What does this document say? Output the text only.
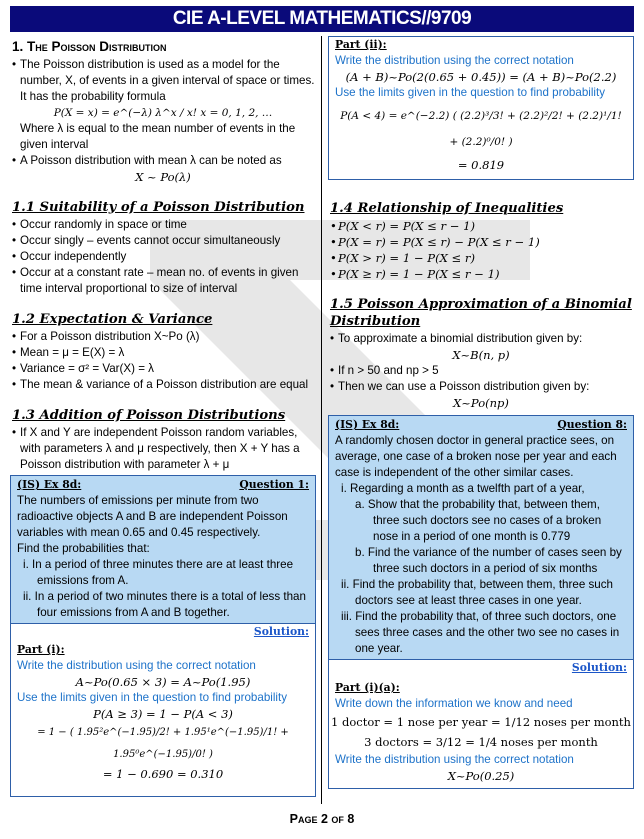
CIE A-LEVEL MATHEMATICS//9709
1. The Poisson Distribution

• The Poisson distribution is used as a model for the number, X, of events in a given interval of space or times. It has the probability formula

P(X = x) = e^(−λ) λ^x / x! x = 0, 1, 2, …
Where λ is equal to the mean number of events in the given interval

• A Poisson distribution with mean λ can be noted as

X ~ Po(λ)
1.1 Suitability of a Poisson Distribution

• Occur randomly in space or time

• Occur singly – events cannot occur simultaneously

• Occur independently

• Occur at a constant rate – mean no. of events in given time interval proportional to size of interval

1.2 Expectation & Variance

• For a Poisson distribution X~Po (λ)

• Mean = μ = E(X) = λ

• Variance = σ² = Var(X) = λ

• The mean & variance of a Poisson distribution are equal

1.3 Addition of Poisson Distributions

• If X and Y are independent Poisson random variables, with parameters λ and μ respectively, then X + Y has a Poisson distribution with parameter λ + μ

(IS) Ex 8d:	Question 1:
The numbers of emissions per minute from two radioactive objects A and B are independent Poisson variables with mean 0.65 and 0.45 respectively.
Find the probabilities that:
i. In a period of three minutes there are at least three emissions from A.
ii. In a period of two minutes there is a total of less than four emissions from A and B together.
Solution:
Part (i):
Write the distribution using the correct notation
A~Po(0.65 × 3) = A~Po(1.95)
Use the limits given in the question to find probability
P(A ≥ 3) = 1 − P(A < 3)
= 1 − ( 1.95²e^(−1.95)/2! + 1.95¹e^(−1.95)/1! + 1.95⁰e^(−1.95)/0! )
= 1 − 0.690 = 0.310
Part (ii):
Write the distribution using the correct notation
(A + B)~Po(2(0.65 + 0.45)) = (A + B)~Po(2.2)
Use the limits given in the question to find probability
P(A < 4) = e^(−2.2) ( (2.2)³/3! + (2.2)²/2! + (2.2)¹/1! + (2.2)⁰/0! )
= 0.819
1.4 Relationship of Inequalities

• P(X < r) = P(X ≤ r − 1)

• P(X = r) = P(X ≤ r) − P(X ≤ r − 1)

• P(X > r) = 1 − P(X ≤ r)

• P(X ≥ r) = 1 − P(X ≤ r − 1)

1.5 Poisson Approximation of a Binomial Distribution

• To approximate a binomial distribution given by:

X~B(n, p)

• If n > 50 and np > 5

• Then we can use a Poisson distribution given by:

X~Po(np)
(IS) Ex 8d:	Question 8:
A randomly chosen doctor in general practice sees, on average, one case of a broken nose per year and each case is independent of the other similar cases.
i. Regarding a month as a twelfth part of a year,
a. Show that the probability that, between them, three such doctors see no cases of a broken nose in a period of one month is 0.779
b. Find the variance of the number of cases seen by three such doctors in a period of six months
ii. Find the probability that, between them, three such doctors see at least three cases in one year.
iii. Find the probability that, of three such doctors, one sees three cases and the other two see no cases in one year.
Solution:
Part (i)(a):
Write down the information we know and need
1 doctor = 1 nose per year = 1/12 noses per month
3 doctors = 3/12 = 1/4 noses per month
Write the distribution using the correct notation
X~Po(0.25)
Page 2 of 8
